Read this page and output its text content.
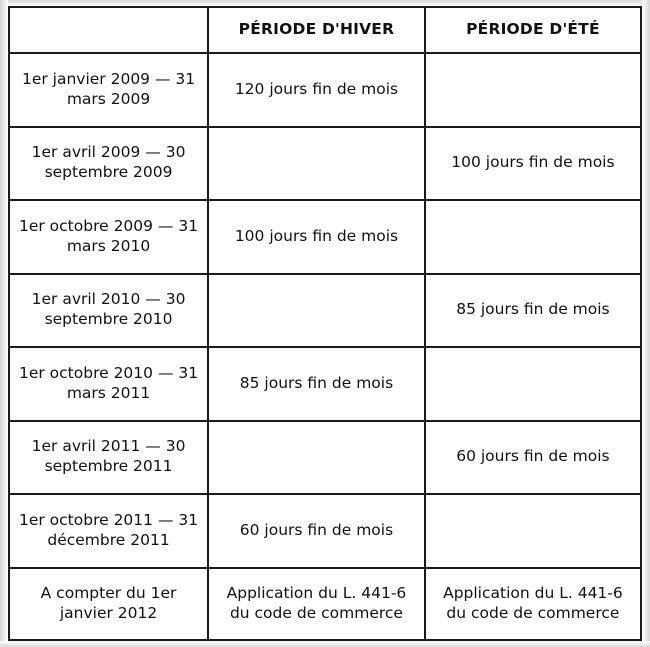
	PÉRIODE D'HIVER	PÉRIODE D'ÉTÉ
1er janvier 2009 — 31 mars 2009	120 jours fin de mois	
1er avril 2009 — 30 septembre 2009		100 jours fin de mois
1er octobre 2009 — 31 mars 2010	100 jours fin de mois	
1er avril 2010 — 30 septembre 2010		85 jours fin de mois
1er octobre 2010 — 31 mars 2011	85 jours fin de mois	
1er avril 2011 — 30 septembre 2011		60 jours fin de mois
1er octobre 2011 — 31 décembre 2011	60 jours fin de mois	
A compter du 1er janvier 2012	Application du L. 441-6 du code de commerce	Application du L. 441-6 du code de commerce
